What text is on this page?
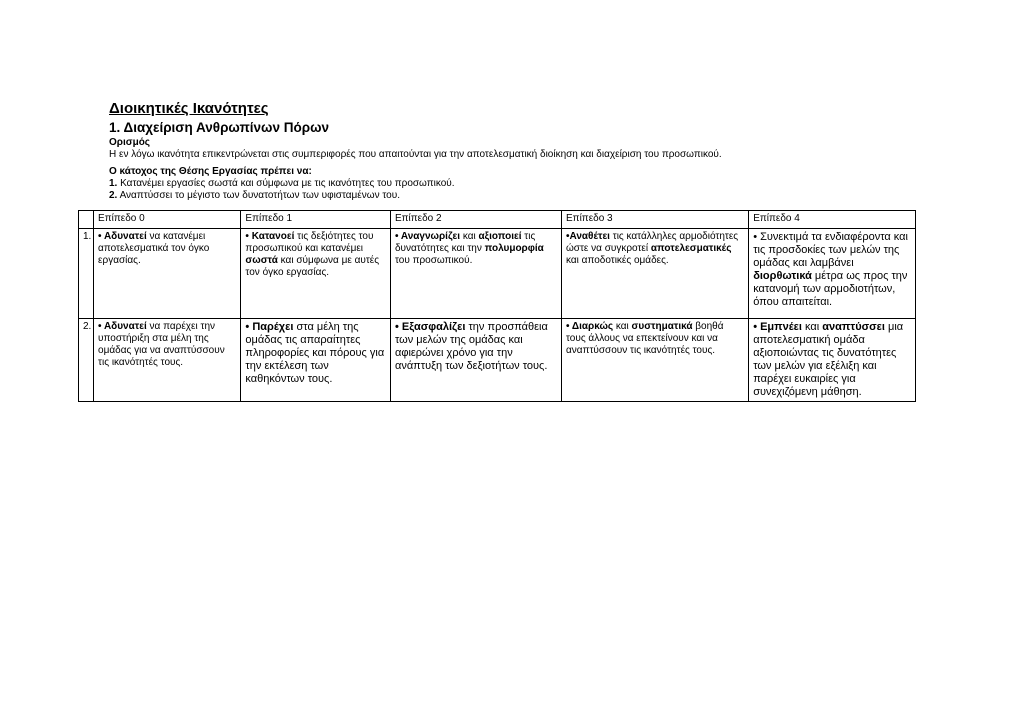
Διοικητικές Ικανότητες

1. Διαχείριση Ανθρωπίνων Πόρων

Ορισμός

Η εν λόγω ικανότητα επικεντρώνεται στις συμπεριφορές που απαιτούνται για την αποτελεσματική διοίκηση και διαχείριση του προσωπικού.

Ο κάτοχος της Θέσης Εργασίας πρέπει να:

1. Κατανέμει εργασίες σωστά και σύμφωνα με τις ικανότητες του προσωπικού.

2. Αναπτύσσει το μέγιστο των δυνατοτήτων των υφισταμένων του.

	Επίπεδο 0	Επίπεδο 1	Επίπεδο 2	Επίπεδο 3	Επίπεδο 4
1.	• Αδυνατεί να κατανέμει αποτελεσματικά τον όγκο εργασίας.	• Κατανοεί τις δεξιότητες του προσωπικού και κατανέμει σωστά και σύμφωνα με αυτές τον όγκο εργασίας.	• Αναγνωρίζει και αξιοποιεί τις δυνατότητες και την πολυμορφία του προσωπικού.	•Αναθέτει τις κατάλληλες αρμοδιότητες ώστε να συγκροτεί αποτελεσματικές και αποδοτικές ομάδες.	• Συνεκτιμά τα ενδιαφέροντα και τις προσδοκίες των μελών της ομάδας και λαμβάνει διορθωτικά μέτρα ως προς την κατανομή των αρμοδιοτήτων, όπου απαιτείται.
2.	• Αδυνατεί να παρέχει την υποστήριξη στα μέλη της ομάδας για να αναπτύσσουν τις ικανότητές τους.	• Παρέχει στα μέλη της ομάδας τις απαραίτητες πληροφορίες και πόρους για την εκτέλεση των καθηκόντων τους.	• Εξασφαλίζει την προσπάθεια των μελών της ομάδας και αφιερώνει χρόνο για την ανάπτυξη των δεξιοτήτων τους.	• Διαρκώς και συστηματικά βοηθά τους άλλους να επεκτείνουν και να αναπτύσσουν τις ικανότητές τους.	• Εμπνέει και αναπτύσσει μια αποτελεσματική ομάδα αξιοποιώντας τις δυνατότητες των μελών για εξέλιξη και παρέχει ευκαιρίες για συνεχιζόμενη μάθηση.
